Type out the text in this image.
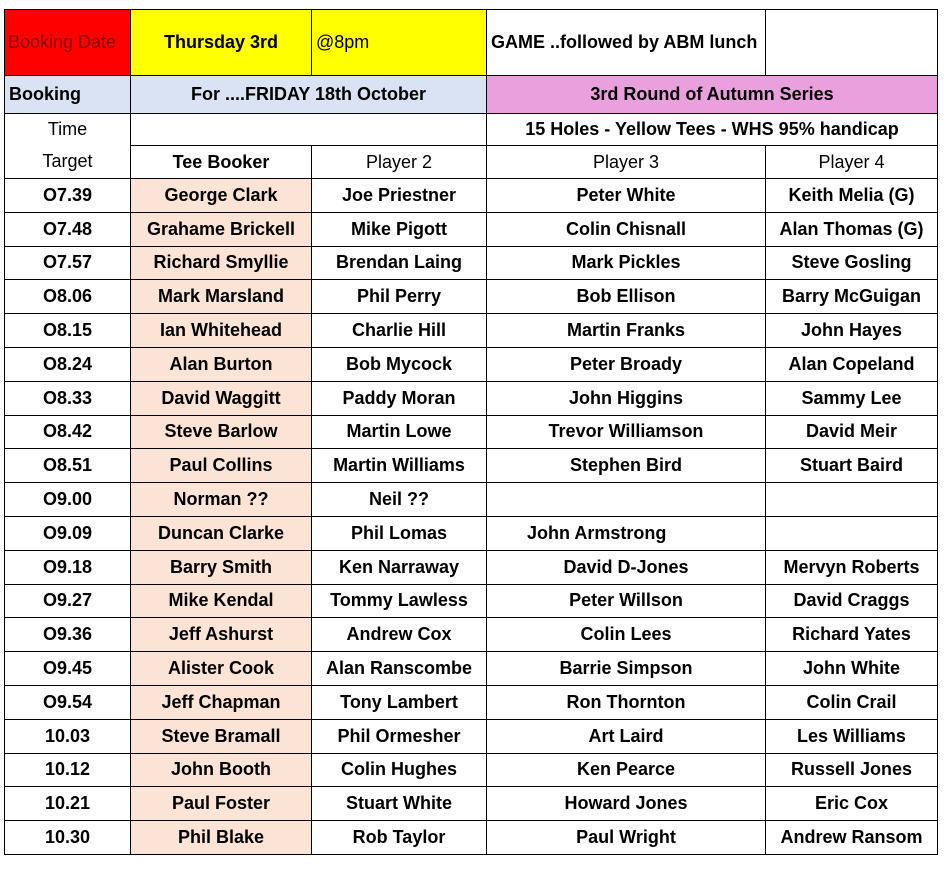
Booking Date	Thursday 3rd	@8pm	GAME ..followed by ABM lunch	
Booking	For ....FRIDAY 18th October		3rd Round of Autumn Series	
Time			15 Holes - Yellow Tees - WHS 95% handicap	
Target	Tee Booker	Player 2	Player 3	Player 4
O7.39	George Clark	Joe Priestner	Peter White	Keith Melia (G)
O7.48	Grahame Brickell	Mike Pigott	Colin Chisnall	Alan Thomas (G)
O7.57	Richard Smyllie	Brendan Laing	Mark Pickles	Steve Gosling
O8.06	Mark Marsland	Phil Perry	Bob Ellison	Barry McGuigan
O8.15	Ian Whitehead	Charlie Hill	Martin Franks	John Hayes
O8.24	Alan Burton	Bob Mycock	Peter Broady	Alan Copeland
O8.33	David Waggitt	Paddy Moran	John Higgins	Sammy Lee
O8.42	Steve Barlow	Martin Lowe	Trevor Williamson	David Meir
O8.51	Paul Collins	Martin Williams	Stephen Bird	Stuart Baird
O9.00	Norman ??	Neil ??		
O9.09	Duncan Clarke	Phil Lomas	John Armstrong	
O9.18	Barry Smith	Ken Narraway	David D-Jones	Mervyn Roberts
O9.27	Mike Kendal	Tommy Lawless	Peter Willson	David Craggs
O9.36	Jeff Ashurst	Andrew Cox	Colin Lees	Richard Yates
O9.45	Alister Cook	Alan Ranscombe	Barrie Simpson	John White
O9.54	Jeff Chapman	Tony Lambert	Ron Thornton	Colin Crail
10.03	Steve Bramall	Phil Ormesher	Art Laird	Les Williams
10.12	John Booth	Colin Hughes	Ken Pearce	Russell Jones
10.21	Paul Foster	Stuart White	Howard Jones	Eric Cox
10.30	Phil Blake	Rob Taylor	Paul Wright	Andrew Ransom
